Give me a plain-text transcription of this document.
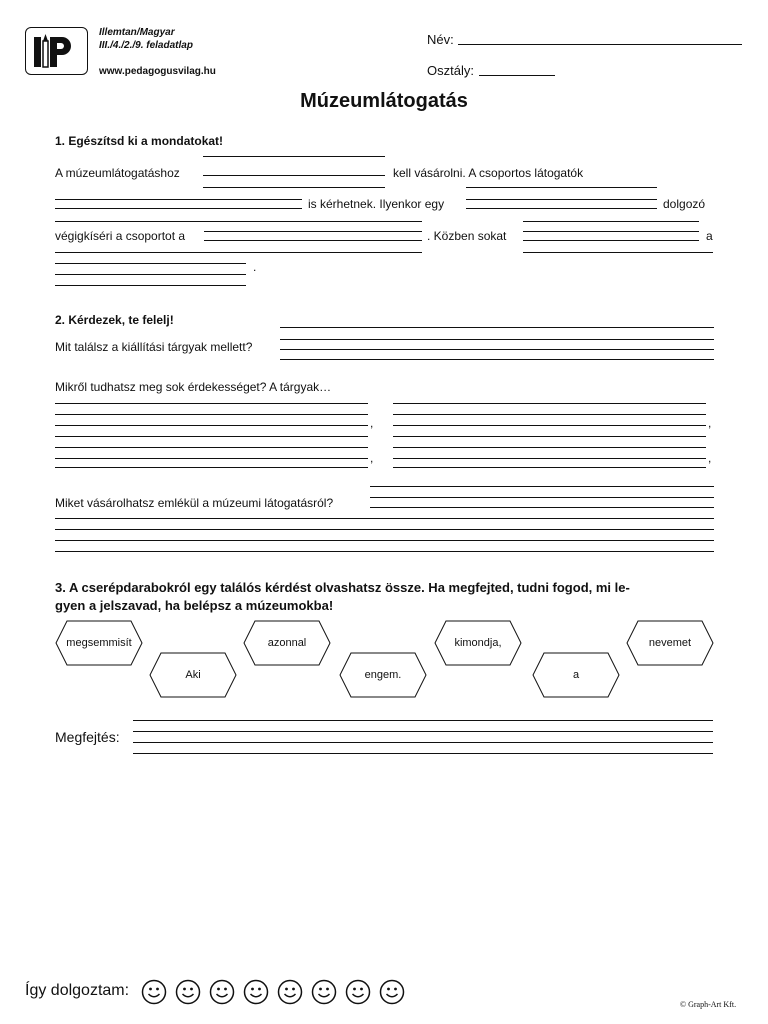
Illemtan/Magyar
III./4./2./9. feladatlap
www.pedagogusvilag.hu
Név:
Osztály:
Múzeumlátogatás
1. Egészítsd ki a mondatokat!
A múzeumlátogatáshoz	kell vásárolni. A csoportos látogatók
is kérhetnek. Ilyenkor egy	dolgozó
végigkíséri a csoportot a	. Közben sokat	a
.
2. Kérdezek, te felelj!
Mit találsz a kiállítási tárgyak mellett?
Mikről tudhatsz meg sok érdekességet? A tárgyak…
,
,
,
,
Miket vásárolhatsz emlékül a múzeumi látogatásról?
3. A cserépdarabokról egy találós kérdést olvashatsz össze. Ha megfejted, tudni fogod, mi le-
gyen a jelszavad, ha belépsz a múzeumokba!
megsemmisít
Aki
azonnal
engem.
kimondja,
a
nevemet
Megfejtés:
Így dolgoztam:
© Graph-Art Kft.
